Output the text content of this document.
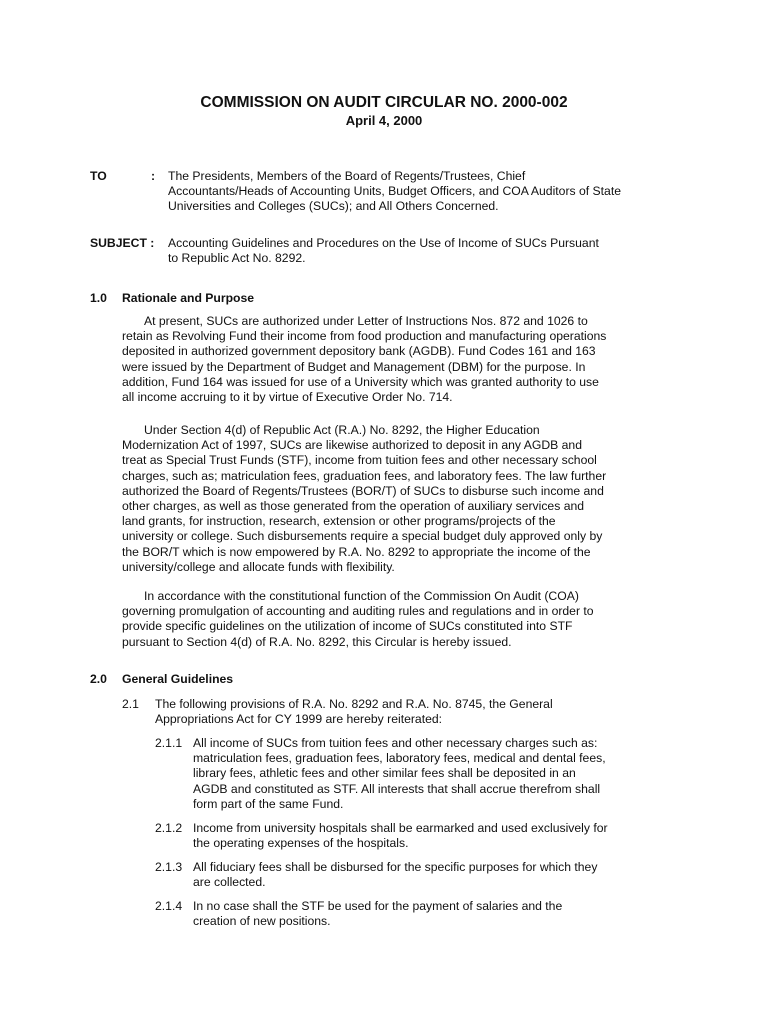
COMMISSION ON AUDIT CIRCULAR NO. 2000-002
April 4, 2000
TO	: The Presidents, Members of the Board of Regents/Trustees, Chief Accountants/Heads of Accounting Units, Budget Officers, and COA Auditors of State Universities and Colleges (SUCs); and All Others Concerned.
SUBJECT : Accounting Guidelines and Procedures on the Use of Income of SUCs Pursuant to Republic Act No. 8292.
1.0 Rationale and Purpose
At present, SUCs are authorized under Letter of Instructions Nos. 872 and 1026 to retain as Revolving Fund their income from food production and manufacturing operations deposited in authorized government depository bank (AGDB). Fund Codes 161 and 163 were issued by the Department of Budget and Management (DBM) for the purpose. In addition, Fund 164 was issued for use of a University which was granted authority to use all income accruing to it by virtue of Executive Order No. 714.
Under Section 4(d) of Republic Act (R.A.) No. 8292, the Higher Education Modernization Act of 1997, SUCs are likewise authorized to deposit in any AGDB and treat as Special Trust Funds (STF), income from tuition fees and other necessary school charges, such as; matriculation fees, graduation fees, and laboratory fees. The law further authorized the Board of Regents/Trustees (BOR/T) of SUCs to disburse such income and other charges, as well as those generated from the operation of auxiliary services and land grants, for instruction, research, extension or other programs/projects of the university or college. Such disbursements require a special budget duly approved only by the BOR/T which is now empowered by R.A. No. 8292 to appropriate the income of the university/college and allocate funds with flexibility.
In accordance with the constitutional function of the Commission On Audit (COA) governing promulgation of accounting and auditing rules and regulations and in order to provide specific guidelines on the utilization of income of SUCs constituted into STF pursuant to Section 4(d) of R.A. No. 8292, this Circular is hereby issued.
2.0 General Guidelines
2.1	The following provisions of R.A. No. 8292 and R.A. No. 8745, the General Appropriations Act for CY 1999 are hereby reiterated:
2.1.1 All income of SUCs from tuition fees and other necessary charges such as: matriculation fees, graduation fees, laboratory fees, medical and dental fees, library fees, athletic fees and other similar fees shall be deposited in an AGDB and constituted as STF. All interests that shall accrue therefrom shall form part of the same Fund.
2.1.2 Income from university hospitals shall be earmarked and used exclusively for the operating expenses of the hospitals.
2.1.3 All fiduciary fees shall be disbursed for the specific purposes for which they are collected.
2.1.4 In no case shall the STF be used for the payment of salaries and the creation of new positions.
